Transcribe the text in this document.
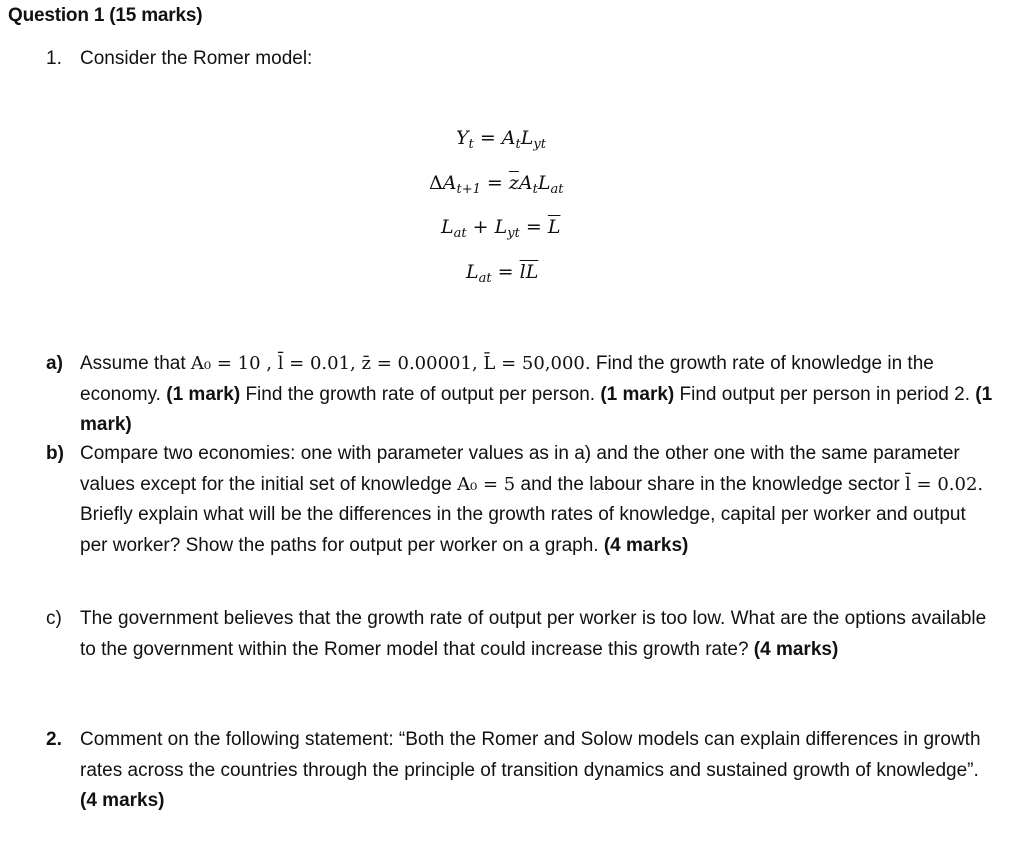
Question 1 (15 marks)
1. Consider the Romer model:
$Y_t = A_tL_{yt}$
$\Delta A_{t+1} = \overline{z}A_tL_{at}$
$L_{at} + L_{yt} = \overline{L}$
$L_{at} = \overline{l}\overline{L}$
a) Assume that A₀ = 10 , l̄ = 0.01, z̄ = 0.00001, L̄ = 50,000. Find the growth rate of knowledge in the economy. (1 mark) Find the growth rate of output per person. (1 mark) Find output per person in period 2. (1 mark)
b) Compare two economies: one with parameter values as in a) and the other one with the same parameter values except for the initial set of knowledge A₀ = 5 and the labour share in the knowledge sector l̄ = 0.02. Briefly explain what will be the differences in the growth rates of knowledge, capital per worker and output per worker? Show the paths for output per worker on a graph. (4 marks)
c) The government believes that the growth rate of output per worker is too low. What are the options available to the government within the Romer model that could increase this growth rate? (4 marks)
2. Comment on the following statement: “Both the Romer and Solow models can explain differences in growth rates across the countries through the principle of transition dynamics and sustained growth of knowledge”. (4 marks)
